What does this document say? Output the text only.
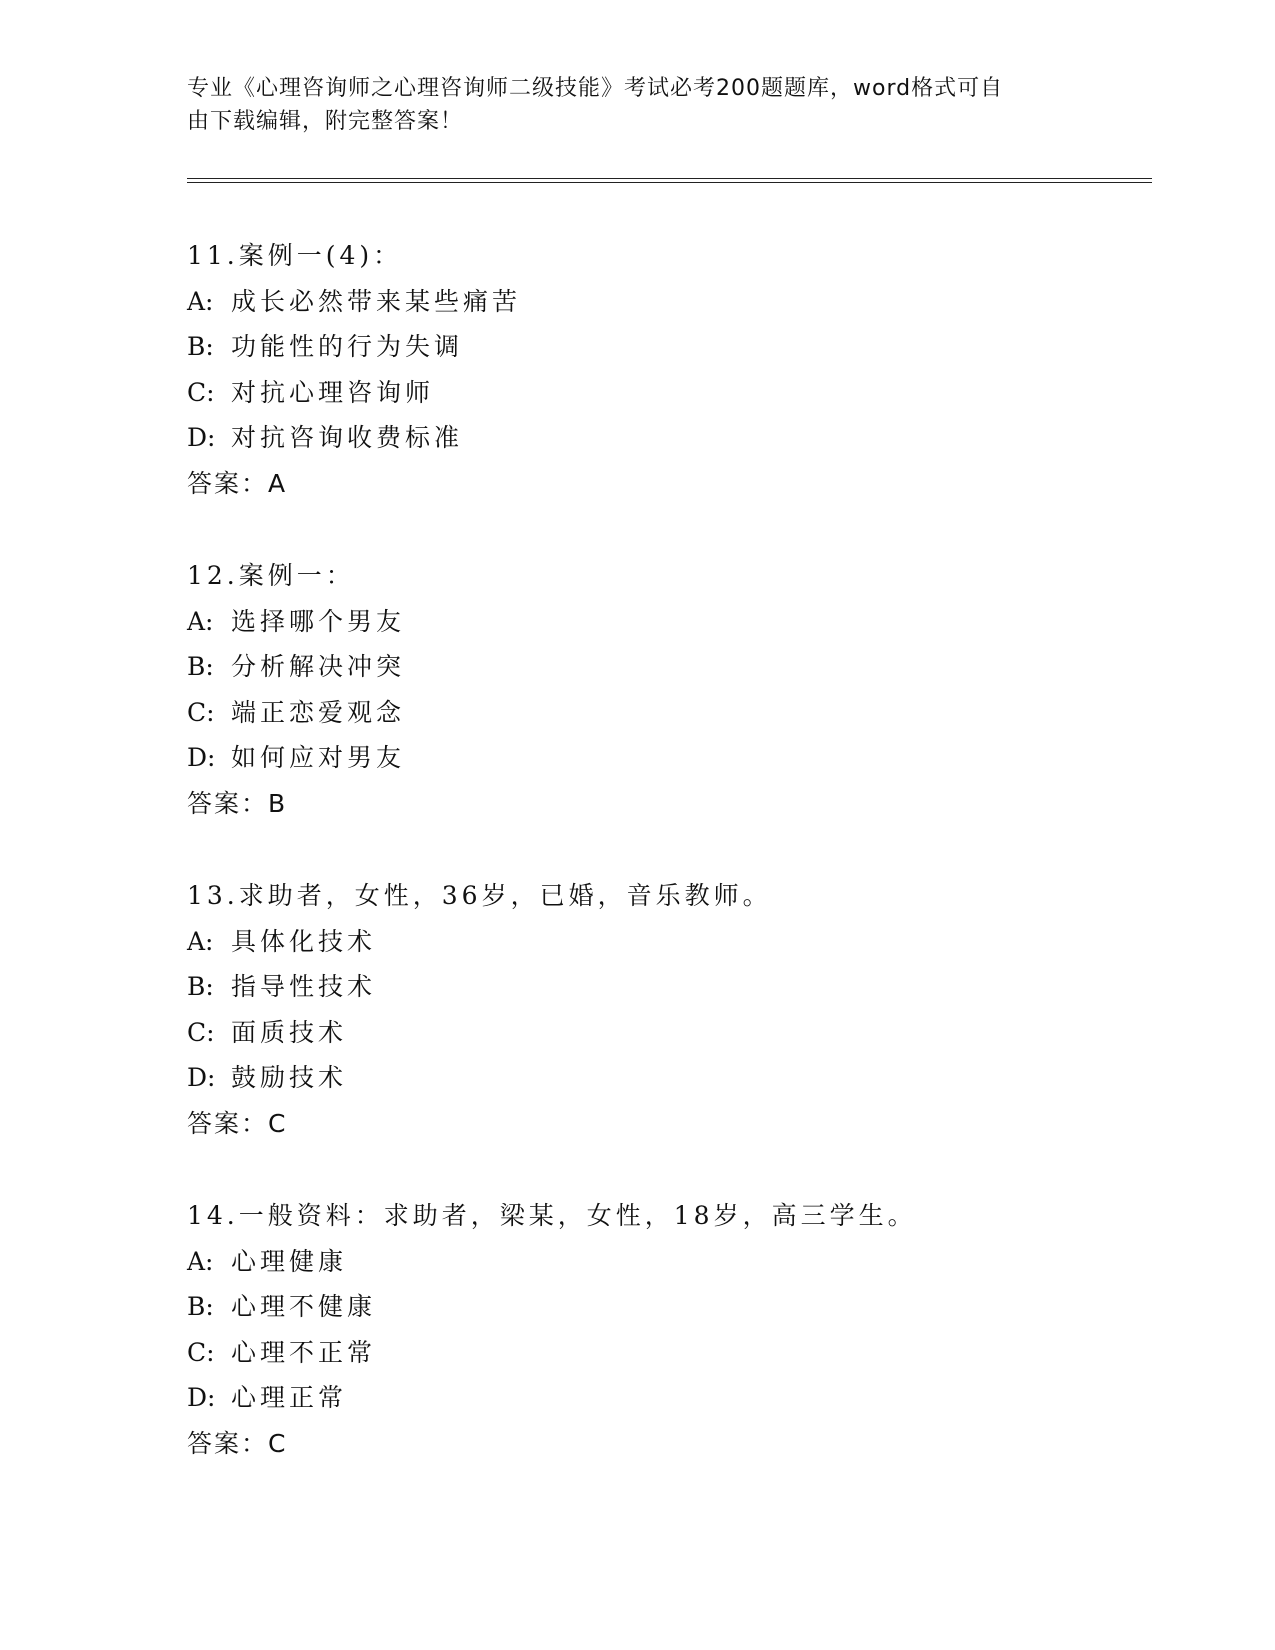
专业《心理咨询师之心理咨询师二级技能》考试必考200题题库，word格式可自
由下载编辑，附完整答案！
11.案例一(4)：
A: 成长必然带来某些痛苦
B: 功能性的行为失调
C: 对抗心理咨询师
D: 对抗咨询收费标准
答案：A
12.案例一：
A: 选择哪个男友
B: 分析解决冲突
C: 端正恋爱观念
D: 如何应对男友
答案：B
13.求助者，女性，36岁，已婚，音乐教师。
A: 具体化技术
B: 指导性技术
C: 面质技术
D: 鼓励技术
答案：C
14.一般资料：求助者，梁某，女性，18岁，高三学生。
A: 心理健康
B: 心理不健康
C: 心理不正常
D: 心理正常
答案：C
